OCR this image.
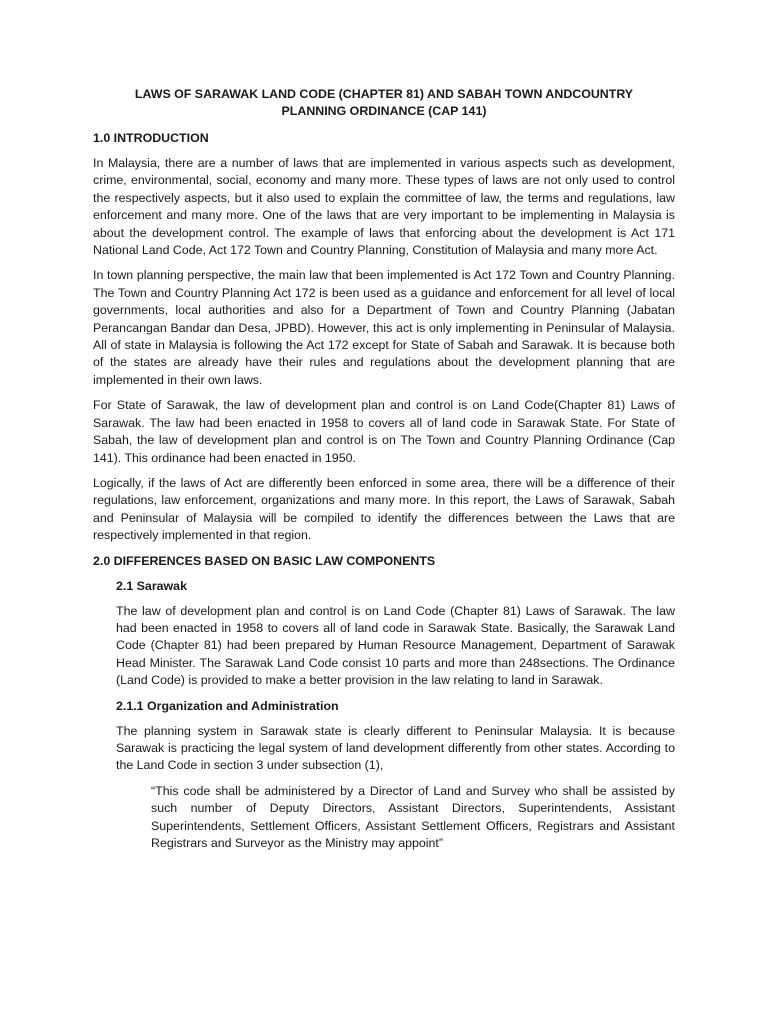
LAWS OF SARAWAK LAND CODE (CHAPTER 81) AND SABAH TOWN ANDCOUNTRY PLANNING ORDINANCE (CAP 141)
1.0 INTRODUCTION

In Malaysia, there are a number of laws that are implemented in various aspects such as development, crime, environmental, social, economy and many more. These types of laws are not only used to control the respectively aspects, but it also used to explain the committee of law, the terms and regulations, law enforcement and many more. One of the laws that are very important to be implementing in Malaysia is about the development control. The example of laws that enforcing about the development is Act 171 National Land Code, Act 172 Town and Country Planning, Constitution of Malaysia and many more Act.

In town planning perspective, the main law that been implemented is Act 172 Town and Country Planning. The Town and Country Planning Act 172 is been used as a guidance and enforcement for all level of local governments, local authorities and also for a Department of Town and Country Planning (Jabatan Perancangan Bandar dan Desa, JPBD). However, this act is only implementing in Peninsular of Malaysia. All of state in Malaysia is following the Act 172 except for State of Sabah and Sarawak. It is because both of the states are already have their rules and regulations about the development planning that are implemented in their own laws.

For State of Sarawak, the law of development plan and control is on Land Code(Chapter 81) Laws of Sarawak. The law had been enacted in 1958 to covers all of land code in Sarawak State. For State of Sabah, the law of development plan and control is on The Town and Country Planning Ordinance (Cap 141). This ordinance had been enacted in 1950.

Logically, if the laws of Act are differently been enforced in some area, there will be a difference of their regulations, law enforcement, organizations and many more. In this report, the Laws of Sarawak, Sabah and Peninsular of Malaysia will be compiled to identify the differences between the Laws that are respectively implemented in that region.

2.0 DIFFERENCES BASED ON BASIC LAW COMPONENTS
2.1 Sarawak

The law of development plan and control is on Land Code (Chapter 81) Laws of Sarawak. The law had been enacted in 1958 to covers all of land code in Sarawak State. Basically, the Sarawak Land Code (Chapter 81) had been prepared by Human Resource Management, Department of Sarawak Head Minister. The Sarawak Land Code consist 10 parts and more than 248sections. The Ordinance (Land Code) is provided to make a better provision in the law relating to land in Sarawak.

2.1.1 Organization and Administration

The planning system in Sarawak state is clearly different to Peninsular Malaysia. It is because Sarawak is practicing the legal system of land development differently from other states. According to the Land Code in section 3 under subsection (1),

“This code shall be administered by a Director of Land and Survey who shall be assisted by such number of Deputy Directors, Assistant Directors, Superintendents, Assistant Superintendents, Settlement Officers, Assistant Settlement Officers, Registrars and Assistant Registrars and Surveyor as the Ministry may appoint”
